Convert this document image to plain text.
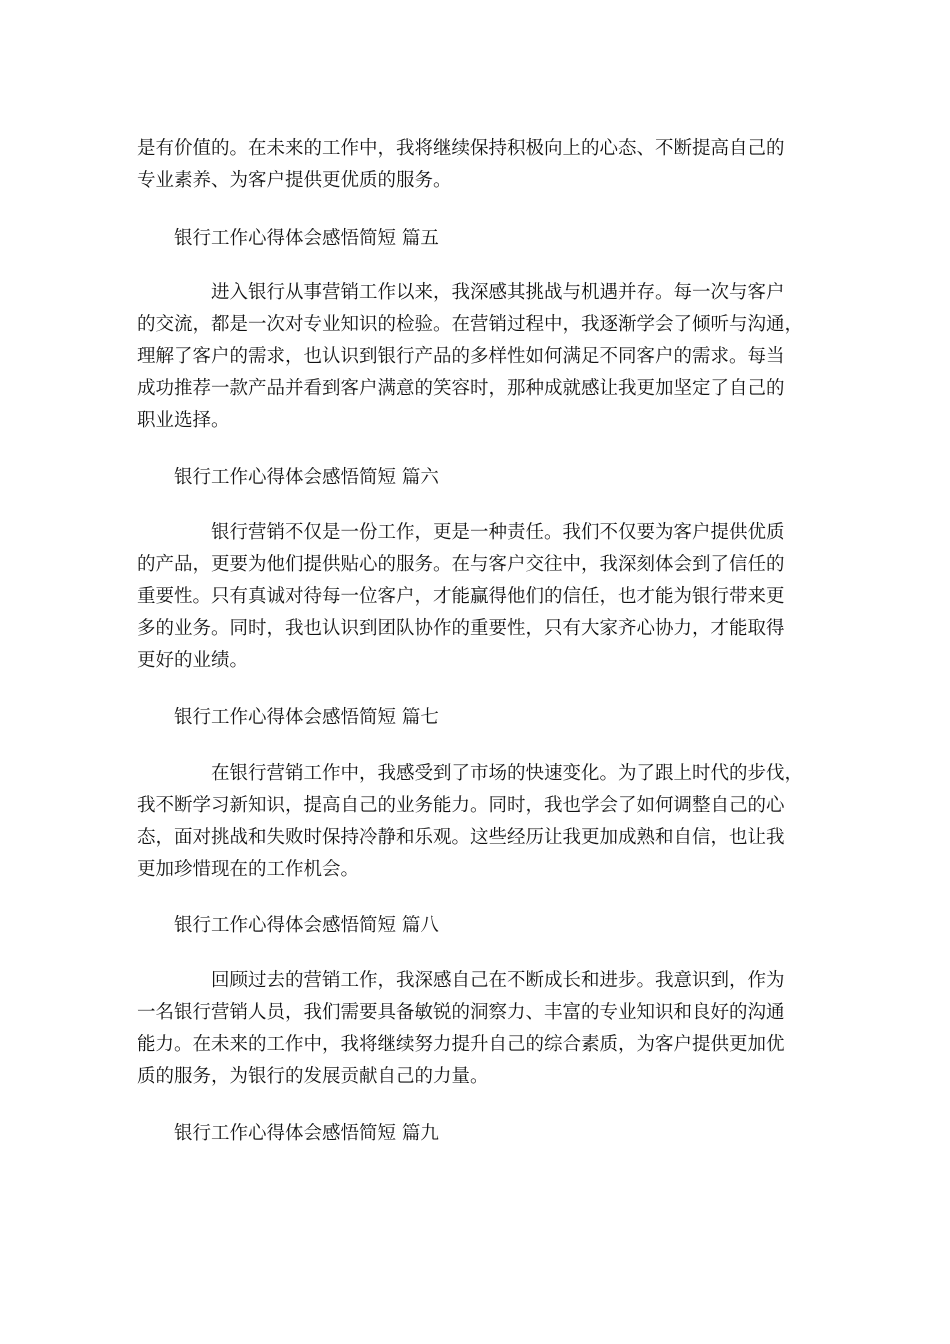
是有价值的。在未来的工作中，我将继续保持积极向上的心态、不断提高自己的
专业素养、为客户提供更优质的服务。
银行工作心得体会感悟简短 篇五
进入银行从事营销工作以来，我深感其挑战与机遇并存。每一次与客户
的交流，都是一次对专业知识的检验。在营销过程中，我逐渐学会了倾听与沟通，
理解了客户的需求，也认识到银行产品的多样性如何满足不同客户的需求。每当
成功推荐一款产品并看到客户满意的笑容时，那种成就感让我更加坚定了自己的
职业选择。
银行工作心得体会感悟简短 篇六
银行营销不仅是一份工作，更是一种责任。我们不仅要为客户提供优质
的产品，更要为他们提供贴心的服务。在与客户交往中，我深刻体会到了信任的
重要性。只有真诚对待每一位客户，才能赢得他们的信任，也才能为银行带来更
多的业务。同时，我也认识到团队协作的重要性，只有大家齐心协力，才能取得
更好的业绩。
银行工作心得体会感悟简短 篇七
在银行营销工作中，我感受到了市场的快速变化。为了跟上时代的步伐，
我不断学习新知识，提高自己的业务能力。同时，我也学会了如何调整自己的心
态，面对挑战和失败时保持冷静和乐观。这些经历让我更加成熟和自信，也让我
更加珍惜现在的工作机会。
银行工作心得体会感悟简短 篇八
回顾过去的营销工作，我深感自己在不断成长和进步。我意识到，作为
一名银行营销人员，我们需要具备敏锐的洞察力、丰富的专业知识和良好的沟通
能力。在未来的工作中，我将继续努力提升自己的综合素质，为客户提供更加优
质的服务，为银行的发展贡献自己的力量。
银行工作心得体会感悟简短 篇九
